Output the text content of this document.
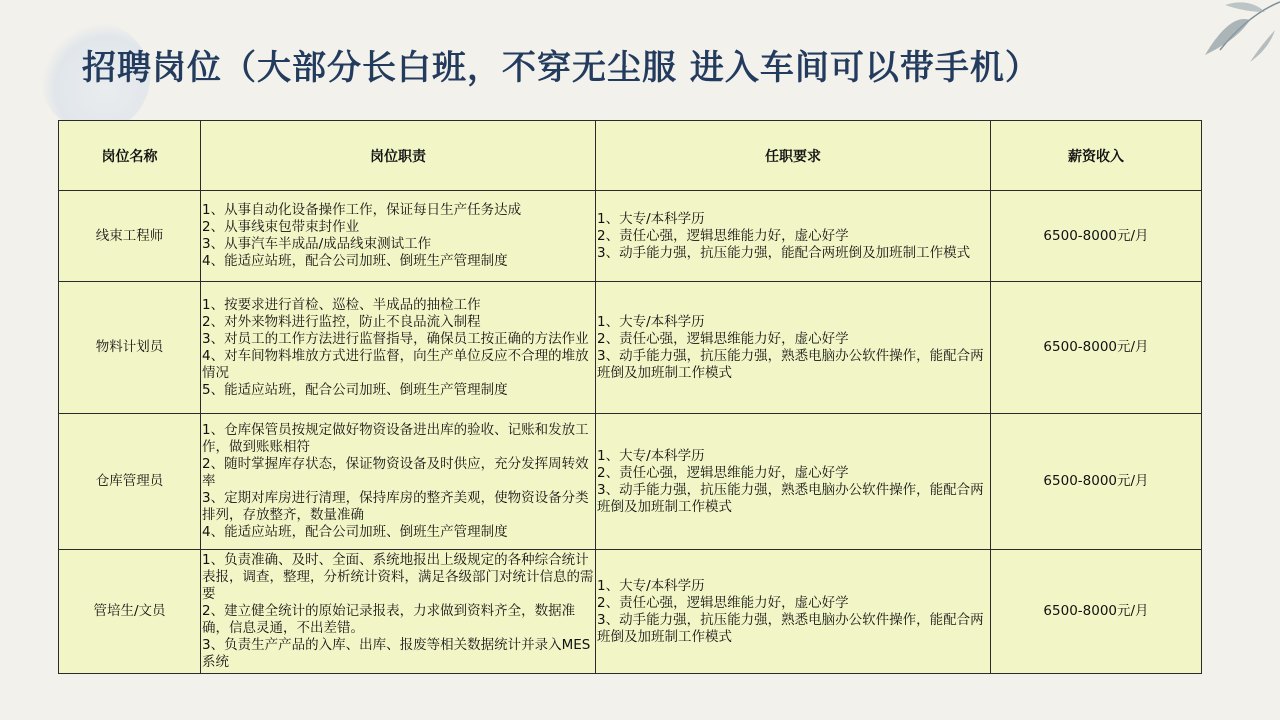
招聘岗位（大部分长白班，不穿无尘服 进入车间可以带手机）
岗位名称	岗位职责	任职要求	薪资收入
线束工程师	1、从事自动化设备操作工作，保证每日生产任务达成
2、从事线束包带束封作业
3、从事汽车半成品/成品线束测试工作
4、能适应站班，配合公司加班、倒班生产管理制度	1、大专/本科学历
2、责任心强，逻辑思维能力好，虚心好学
3、动手能力强，抗压能力强，能配合两班倒及加班制工作模式	6500-8000元/月
物料计划员	1、按要求进行首检、巡检、半成品的抽检工作
2、对外来物料进行监控，防止不良品流入制程
3、对员工的工作方法进行监督指导，确保员工按正确的方法作业
4、对车间物料堆放方式进行监督，向生产单位反应不合理的堆放情况
5、能适应站班，配合公司加班、倒班生产管理制度	1、大专/本科学历
2、责任心强，逻辑思维能力好，虚心好学
3、动手能力强，抗压能力强，熟悉电脑办公软件操作，能配合两班倒及加班制工作模式	6500-8000元/月
仓库管理员	1、仓库保管员按规定做好物资设备进出库的验收、记账和发放工作，做到账账相符
2、随时掌握库存状态，保证物资设备及时供应，充分发挥周转效率
3、定期对库房进行清理，保持库房的整齐美观，使物资设备分类排列，存放整齐，数量准确
4、能适应站班，配合公司加班、倒班生产管理制度	1、大专/本科学历
2、责任心强，逻辑思维能力好，虚心好学
3、动手能力强，抗压能力强，熟悉电脑办公软件操作，能配合两班倒及加班制工作模式	6500-8000元/月
管培生/文员	1、负责准确、及时、全面、系统地报出上级规定的各种综合统计表报，调查，整理，分析统计资料，满足各级部门对统计信息的需要
2、建立健全统计的原始记录报表，力求做到资料齐全，数据准确，信息灵通，不出差错。
3、负责生产产品的入库、出库、报废等相关数据统计并录入MES系统	1、大专/本科学历
2、责任心强，逻辑思维能力好，虚心好学
3、动手能力强，抗压能力强，熟悉电脑办公软件操作，能配合两班倒及加班制工作模式	6500-8000元/月
